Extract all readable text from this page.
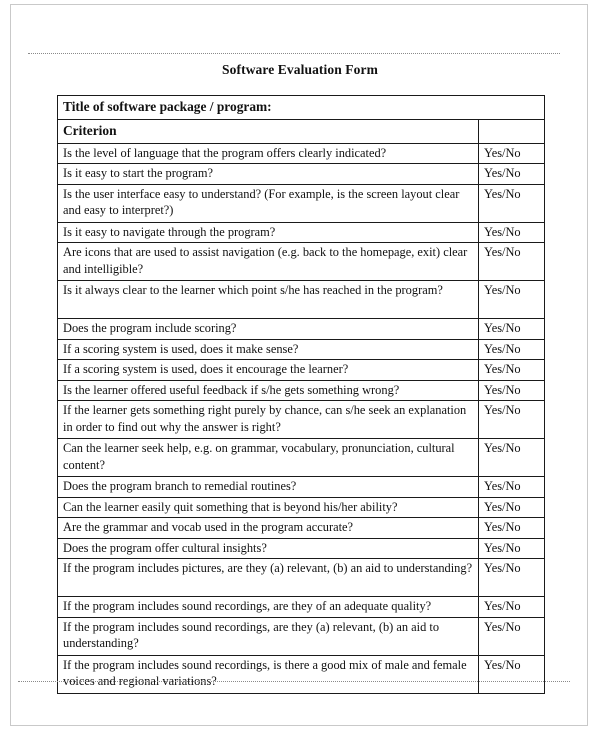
Software Evaluation Form
Title of software package / program:	
Criterion	
Is the level of language that the program offers clearly indicated?	Yes/No
Is it easy to start the program?	Yes/No
Is the user interface easy to understand? (For example, is the screen layout clear and easy to interpret?)	Yes/No
Is it easy to navigate through the program?	Yes/No
Are icons that are used to assist navigation (e.g. back to the homepage, exit) clear and intelligible?	Yes/No
Is it always clear to the learner which point s/he has reached in the program?	Yes/No
Does the program include scoring?	Yes/No
If a scoring system is used, does it make sense?	Yes/No
If a scoring system is used, does it encourage the learner?	Yes/No
Is the learner offered useful feedback if s/he gets something wrong?	Yes/No
If the learner gets something right purely by chance, can s/he seek an explanation in order to find out why the answer is right?	Yes/No
Can the learner seek help, e.g. on grammar, vocabulary, pronunciation, cultural content?	Yes/No
Does the program branch to remedial routines?	Yes/No
Can the learner easily quit something that is beyond his/her ability?	Yes/No
Are the grammar and vocab used in the program accurate?	Yes/No
Does the program offer cultural insights?	Yes/No
If the program includes pictures, are they (a) relevant, (b) an aid to understanding?	Yes/No
If the program includes sound recordings, are they of an adequate quality?	Yes/No
If the program includes sound recordings, are they (a) relevant, (b) an aid to understanding?	Yes/No
If the program includes sound recordings, is there a good mix of male and female voices and regional variations?	Yes/No
